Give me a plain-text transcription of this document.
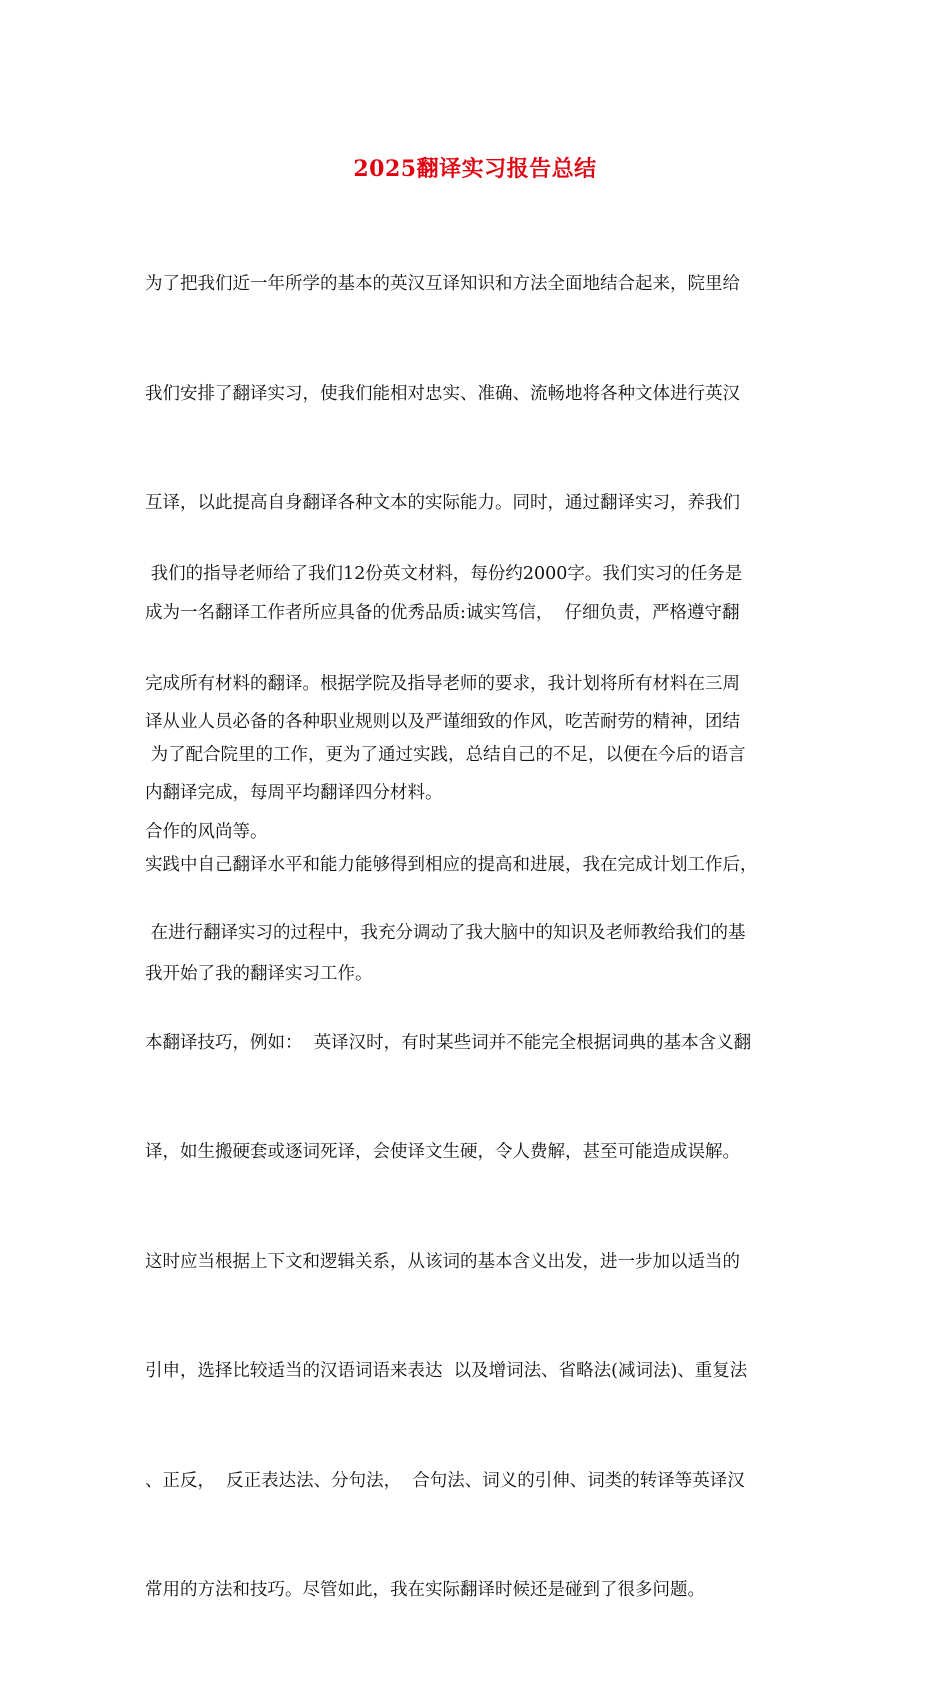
2025翻译实习报告总结

为了把我们近一年所学的基本的英汉互译知识和方法全面地结合起来，院里给

我们安排了翻译实习，使我们能相对忠实、准确、流畅地将各种文体进行英汉

互译，以此提高自身翻译各种文本的实际能力。同时，通过翻译实习，养我们

成为一名翻译工作者所应具备的优秀品质:诚实笃信，  仔细负责，严格遵守翻

译从业人员必备的各种职业规则以及严谨细致的作风，吃苦耐劳的精神，团结

合作的风尚等。

我们的指导老师给了我们12份英文材料，每份约2000字。我们实习的任务是

完成所有材料的翻译。根据学院及指导老师的要求，我计划将所有材料在三周

内翻译完成，每周平均翻译四分材料。

为了配合院里的工作，更为了通过实践，总结自己的不足，以便在今后的语言

实践中自己翻译水平和能力能够得到相应的提高和进展，我在完成计划工作后，

我开始了我的翻译实习工作。

在进行翻译实习的过程中，我充分调动了我大脑中的知识及老师教给我们的基

本翻译技巧，例如：  英译汉时，有时某些词并不能完全根据词典的基本含义翻

译，如生搬硬套或逐词死译，会使译文生硬，令人费解，甚至可能造成误解。

这时应当根据上下文和逻辑关系，从该词的基本含义出发，进一步加以适当的

引申，选择比较适当的汉语词语来表达  以及增词法、省略法(减词法)、重复法

、正反，  反正表达法、分句法，  合句法、词义的引伸、词类的转译等英译汉

常用的方法和技巧。尽管如此，我在实际翻译时候还是碰到了很多问题。
